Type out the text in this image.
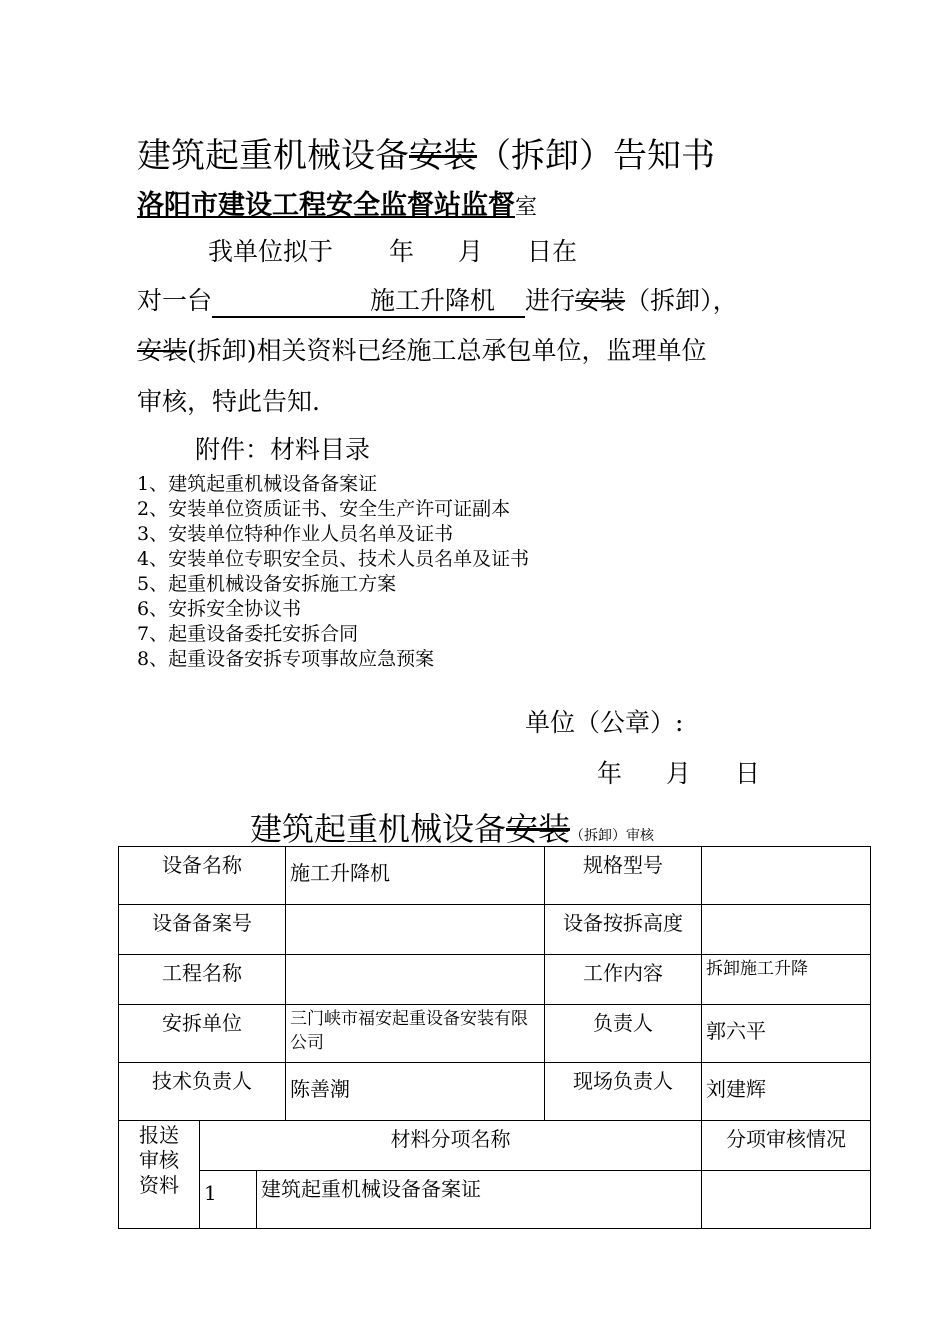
建筑起重机械设备安装（拆卸）告知书
洛阳市建设工程安全监督站监督室
我单位拟于 年 月 日在
对一台	施工升降机 进行安装（拆卸），
安装(拆卸)相关资料已经施工总承包单位，监理单位
审核，特此告知.
附件：材料目录
1、建筑起重机械设备备案证
2、安装单位资质证书、安全生产许可证副本
3、安装单位特种作业人员名单及证书
4、安装单位专职安全员、技术人员名单及证书
5、起重机械设备安拆施工方案
6、安拆安全协议书
7、起重设备委托安拆合同
8、起重设备安拆专项事故应急预案
单位（公章）:
年 月 日
建筑起重机械设备安装（拆卸）审核
设备名称			施工升降机	规格型号	
设备备案号				设备按拆高度	
工程名称				工作内容	拆卸施工升降
安拆单位			三门峡市福安起重设备安装有限公司	负责人	郭六平
技术负责人			陈善潮	现场负责人	刘建辉

报送
审核
资料	材料分项名称				分项审核情况
	1	建筑起重机械设备备案证			
